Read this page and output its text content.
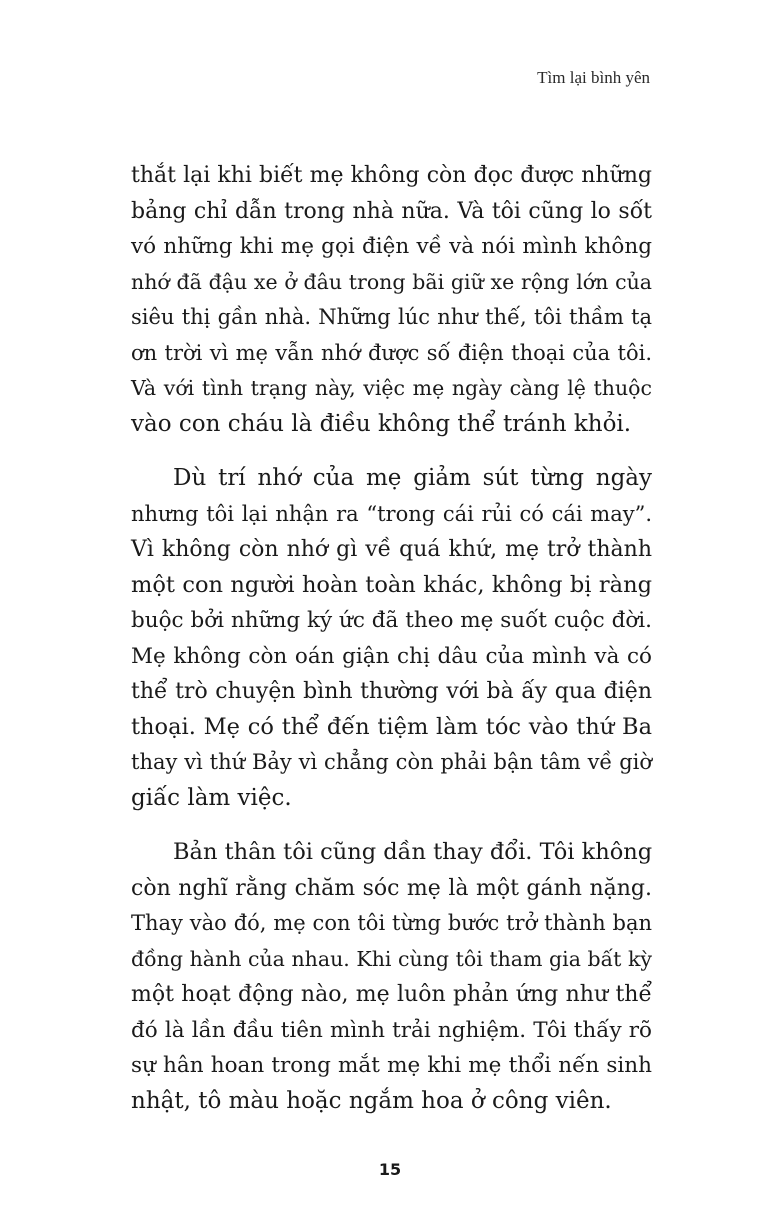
Tìm lại bình yên
thắt lại khi biết mẹ không còn đọc được những
bảng chỉ dẫn trong nhà nữa. Và tôi cũng lo sốt
vó những khi mẹ gọi điện về và nói mình không
nhớ đã đậu xe ở đâu trong bãi giữ xe rộng lớn của
siêu thị gần nhà. Những lúc như thế, tôi thầm tạ
ơn trời vì mẹ vẫn nhớ được số điện thoại của tôi.
Và với tình trạng này, việc mẹ ngày càng lệ thuộc
vào con cháu là điều không thể tránh khỏi.
Dù trí nhớ của mẹ giảm sút từng ngày
nhưng tôi lại nhận ra “trong cái rủi có cái may”.
Vì không còn nhớ gì về quá khứ, mẹ trở thành
một con người hoàn toàn khác, không bị ràng
buộc bởi những ký ức đã theo mẹ suốt cuộc đời.
Mẹ không còn oán giận chị dâu của mình và có
thể trò chuyện bình thường với bà ấy qua điện
thoại. Mẹ có thể đến tiệm làm tóc vào thứ Ba
thay vì thứ Bảy vì chẳng còn phải bận tâm về giờ
giấc làm việc.
Bản thân tôi cũng dần thay đổi. Tôi không
còn nghĩ rằng chăm sóc mẹ là một gánh nặng.
Thay vào đó, mẹ con tôi từng bước trở thành bạn
đồng hành của nhau. Khi cùng tôi tham gia bất kỳ
một hoạt động nào, mẹ luôn phản ứng như thể
đó là lần đầu tiên mình trải nghiệm. Tôi thấy rõ
sự hân hoan trong mắt mẹ khi mẹ thổi nến sinh
nhật, tô màu hoặc ngắm hoa ở công viên.
15
